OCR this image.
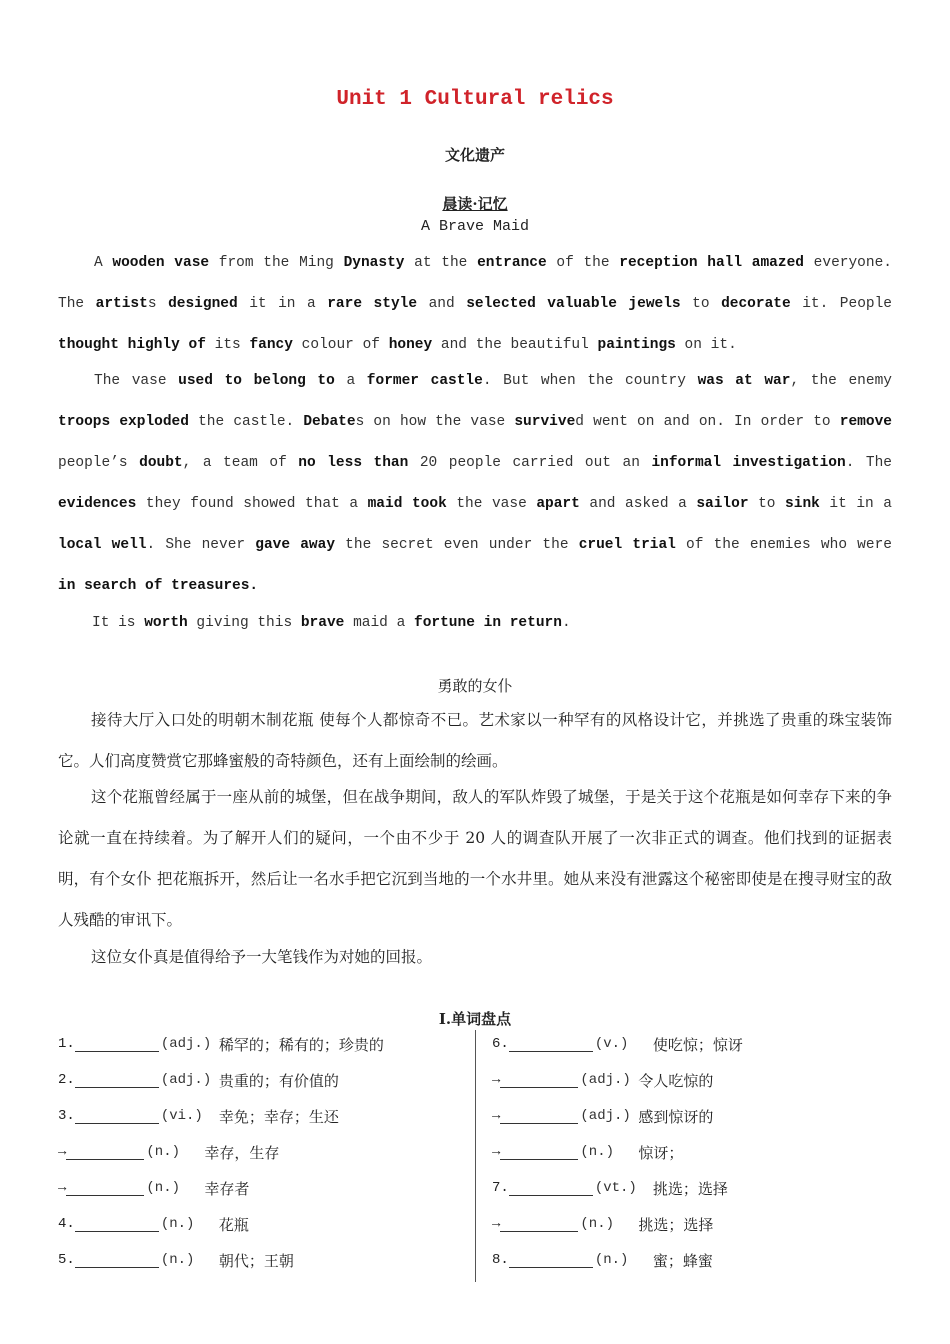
Unit 1 Cultural relics
文化遗产
晨读·记忆
A Brave Maid
A wooden vase from the Ming Dynasty at the entrance of the reception hall amazed everyone. The artists designed it in a rare style and selected valuable jewels to decorate it. People thought highly of its fancy colour of honey and the beautiful paintings on it.
The vase used to belong to a former castle. But when the country was at war, the enemy troops exploded the castle. Debates on how the vase survived went on and on. In order to remove people’s doubt, a team of no less than 20 people carried out an informal investigation. The evidences they found showed that a maid took the vase apart and asked a sailor to sink it in a local well. She never gave away the secret even under the cruel trial of the enemies who were in search of treasures.
It is worth giving this brave maid a fortune in return.
勇敢的女仆
接待大厅入口处的明朝木制花瓶 使每个人都惊奇不已。艺术家以一种罕有的风格设计它，并挑选了贵重的珠宝装饰它。人们高度赞赏它那蜂蜜般的奇特颜色，还有上面绘制的绘画。
这个花瓶曾经属于一座从前的城堡，但在战争期间，敌人的军队炸毁了城堡，于是关于这个花瓶是如何幸存下来的争论就一直在持续着。为了解开人们的疑问，一个由不少于 20 人的调查队开展了一次非正式的调查。他们找到的证据表明，有个女仆 把花瓶拆开，然后让一名水手把它沉到当地的一个水井里。她从来没有泄露这个秘密即使是在搜寻财宝的敌人残酷的审讯下。
这位女仆真是值得给予一大笔钱作为对她的回报。
I.单词盘点
1.	(adj.) 稀罕的；稀有的；珍贵的
2.	(adj.) 贵重的；有价值的
3.	(vi.) 幸免；幸存；生还
→	(n.)	幸存，生存
→	(n.)	幸存者
4.	(n.)	花瓶
5.	(n.)	朝代；王朝
6.	(v.)	使吃惊；惊讶
→	(adj.) 令人吃惊的
→	(adj.) 感到惊讶的
→	(n.)	惊讶；
7.	(vt.) 挑选；选择
→	(n.)	挑选；选择
8.	(n.)	蜜；蜂蜜
